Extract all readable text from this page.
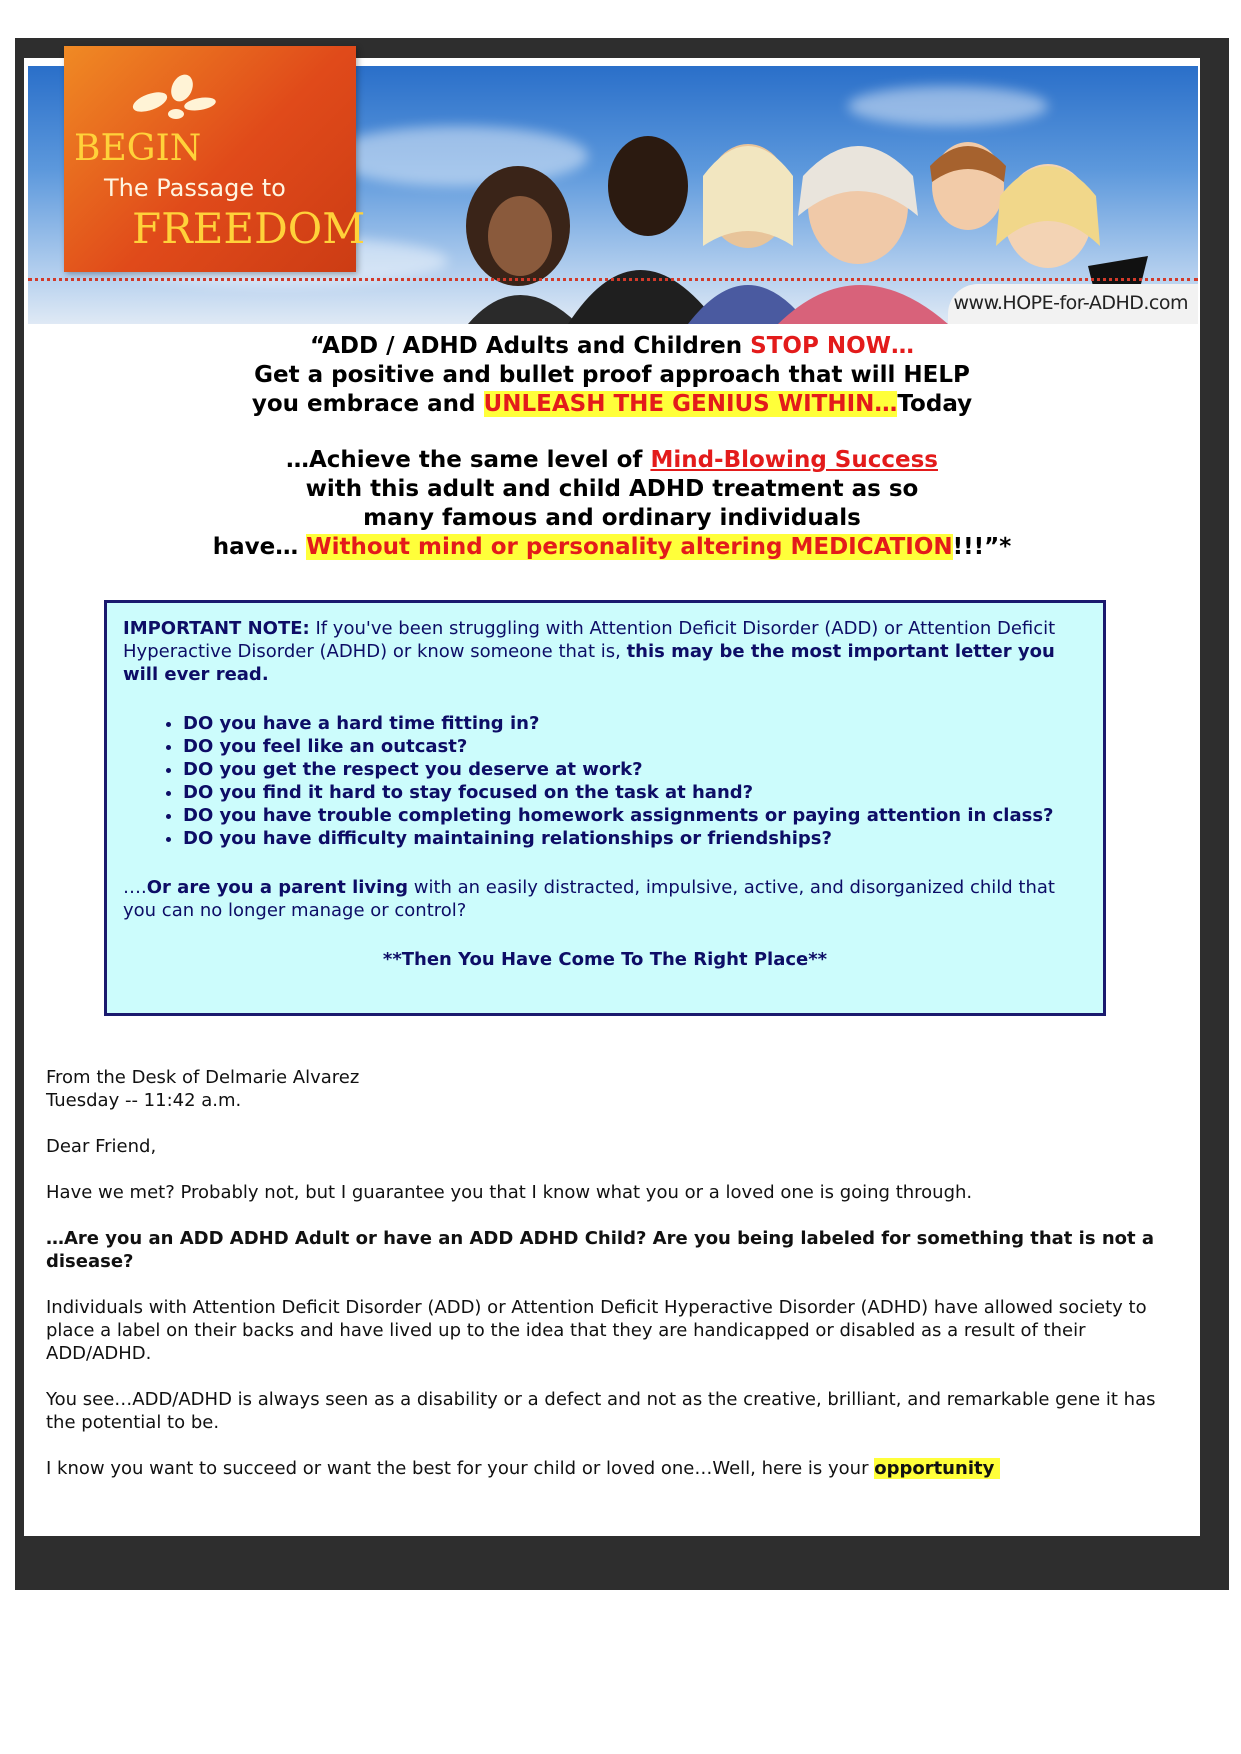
www.HOPE-for-ADHD.com
BEGIN
The Passage to
FREEDOM
“ADD / ADHD Adults and Children STOP NOW…
Get a positive and bullet proof approach that will HELP
you embrace and UNLEASH THE GENIUS WITHIN…Today
…Achieve the same level of Mind-Blowing Success
with this adult and child ADHD treatment as so
many famous and ordinary individuals
have… Without mind or personality altering MEDICATION!!!”*
IMPORTANT NOTE: If you've been struggling with Attention Deficit Disorder (ADD) or Attention Deficit Hyperactive Disorder (ADHD) or know someone that is, this may be the most important letter you will ever read.
• DO you have a hard time fitting in?
• DO you feel like an outcast?
• DO you get the respect you deserve at work?
• DO you find it hard to stay focused on the task at hand?
• DO you have trouble completing homework assignments or paying attention in class?
• DO you have difficulty maintaining relationships or friendships?
….Or are you a parent living with an easily distracted, impulsive, active, and disorganized child that you can no longer manage or control?
**Then You Have Come To The Right Place**

From the Desk of Delmarie Alvarez
Tuesday -- 11:42 a.m.

Dear Friend,

Have we met? Probably not, but I guarantee you that I know what you or a loved one is going through.

…Are you an ADD ADHD Adult or have an ADD ADHD Child? Are you being labeled for something that is not a disease?

Individuals with Attention Deficit Disorder (ADD) or Attention Deficit Hyperactive Disorder (ADHD) have allowed society to place a label on their backs and have lived up to the idea that they are handicapped or disabled as a result of their ADD/ADHD.

You see…ADD/ADHD is always seen as a disability or a defect and not as the creative, brilliant, and remarkable gene it has the potential to be.

I know you want to succeed or want the best for your child or loved one…Well, here is your opportunity
